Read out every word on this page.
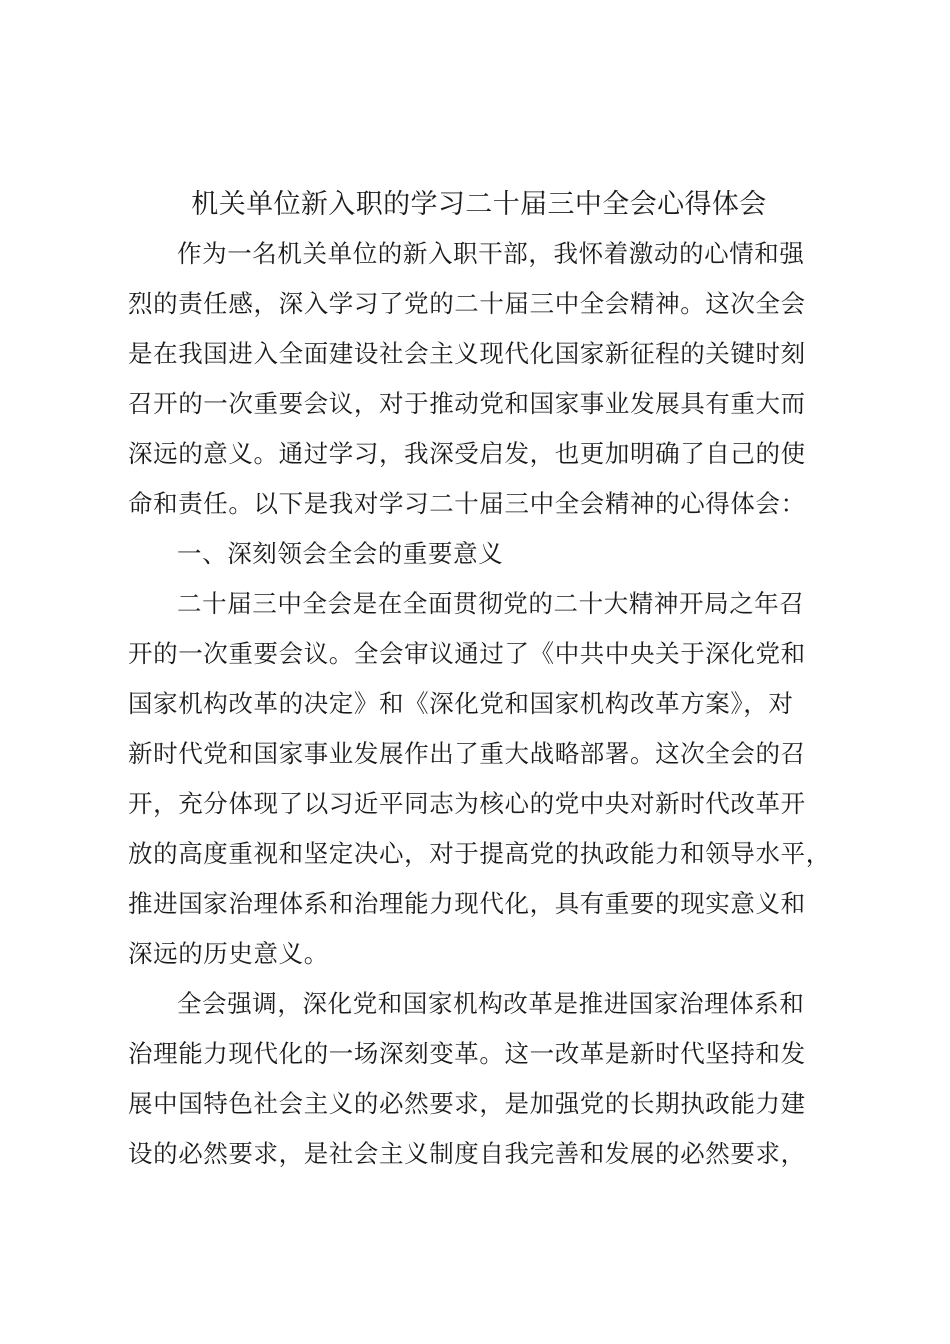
机关单位新入职的学习二十届三中全会心得体会

作为一名机关单位的新入职干部，我怀着激动的心情和强

烈的责任感，深入学习了党的二十届三中全会精神。这次全会

是在我国进入全面建设社会主义现代化国家新征程的关键时刻

召开的一次重要会议，对于推动党和国家事业发展具有重大而

深远的意义。通过学习，我深受启发，也更加明确了自己的使

命和责任。以下是我对学习二十届三中全会精神的心得体会：

一、深刻领会全会的重要意义

二十届三中全会是在全面贯彻党的二十大精神开局之年召

开的一次重要会议。全会审议通过了《中共中央关于深化党和

国家机构改革的决定》和《深化党和国家机构改革方案》，对

新时代党和国家事业发展作出了重大战略部署。这次全会的召

开，充分体现了以习近平同志为核心的党中央对新时代改革开

放的高度重视和坚定决心，对于提高党的执政能力和领导水平，

推进国家治理体系和治理能力现代化，具有重要的现实意义和

深远的历史意义。

全会强调，深化党和国家机构改革是推进国家治理体系和

治理能力现代化的一场深刻变革。这一改革是新时代坚持和发

展中国特色社会主义的必然要求，是加强党的长期执政能力建

设的必然要求，是社会主义制度自我完善和发展的必然要求，
